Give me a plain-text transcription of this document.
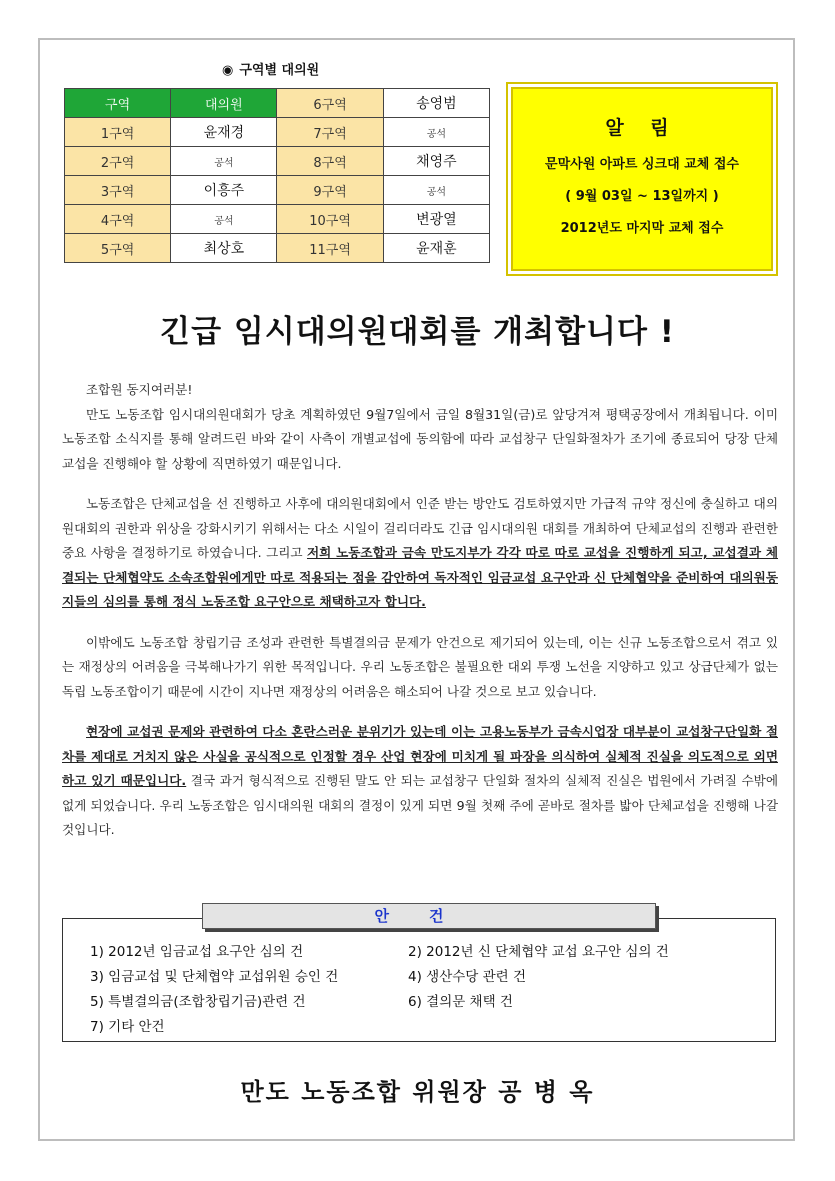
◉ 구역별 대의원
구역	대의원	6구역	송영범
1구역	윤재경	7구역	공석
2구역	공석	8구역	채영주
3구역	이흥주	9구역	공석
4구역	공석	10구역	변광열
5구역	최상호	11구역	윤재훈
알 림
문막사원 아파트 싱크대 교체 접수
( 9월 03일 ~ 13일까지 )
2012년도 마지막 교체 접수
긴급 임시대의원대회를 개최합니다 !

조합원 동지여러분!

만도 노동조합 임시대의원대회가 당초 계획하였던 9월7일에서 금일 8월31일(금)로 앞당겨져 평택공장에서 개최됩니다. 이미 노동조합 소식지를 통해 알려드린 바와 같이 사측이 개별교섭에 동의함에 따라 교섭창구 단일화절차가 조기에 종료되어 당장 단체교섭을 진행해야 할 상황에 직면하였기 때문입니다.

노동조합은 단체교섭을 선 진행하고 사후에 대의원대회에서 인준 받는 방안도 검토하였지만 가급적 규약 정신에 충실하고 대의원대회의 권한과 위상을 강화시키기 위해서는 다소 시일이 걸리더라도 긴급 임시대의원 대회를 개최하여 단체교섭의 진행과 관련한 중요 사항을 결정하기로 하였습니다. 그리고 저희 노동조합과 금속 만도지부가 각각 따로 따로 교섭을 진행하게 되고, 교섭결과 체결되는 단체협약도 소속조합원에게만 따로 적용되는 점을 감안하여 독자적인 임금교섭 요구안과 신 단체협약을 준비하여 대의원동지들의 심의를 통해 정식 노동조합 요구안으로 채택하고자 합니다.

이밖에도 노동조합 창립기금 조성과 관련한 특별결의금 문제가 안건으로 제기되어 있는데, 이는 신규 노동조합으로서 겪고 있는 재정상의 어려움을 극복해나가기 위한 목적입니다. 우리 노동조합은 불필요한 대외 투쟁 노선을 지양하고 있고 상급단체가 없는 독립 노동조합이기 때문에 시간이 지나면 재정상의 어려움은 해소되어 나갈 것으로 보고 있습니다.

현장에 교섭권 문제와 관련하여 다소 혼란스러운 분위기가 있는데 이는 고용노동부가 금속시업장 대부분이 교섭창구단일화 절차를 제대로 거치지 않은 사실을 공식적으로 인정할 경우 산업 현장에 미치게 될 파장을 의식하여 실체적 진실을 의도적으로 외면하고 있기 때문입니다. 결국 과거 형식적으로 진행된 말도 안 되는 교섭창구 단일화 절차의 실체적 진실은 법원에서 가려질 수밖에 없게 되었습니다. 우리 노동조합은 임시대의원 대회의 결정이 있게 되면 9월 첫째 주에 곧바로 절차를 밟아 단체교섭을 진행해 나갈 것입니다.

안건
1) 2012년 임금교섭 요구안 심의 건	2) 2012년 신 단체협약 교섭 요구안 심의 건
3) 임금교섭 및 단체협약 교섭위원 승인 건	4) 생산수당 관련 건
5) 특별결의금(조합창립기금)관련 건	6) 결의문 채택 건
7) 기타 안건
만도 노동조합 위원장 공 병 옥
